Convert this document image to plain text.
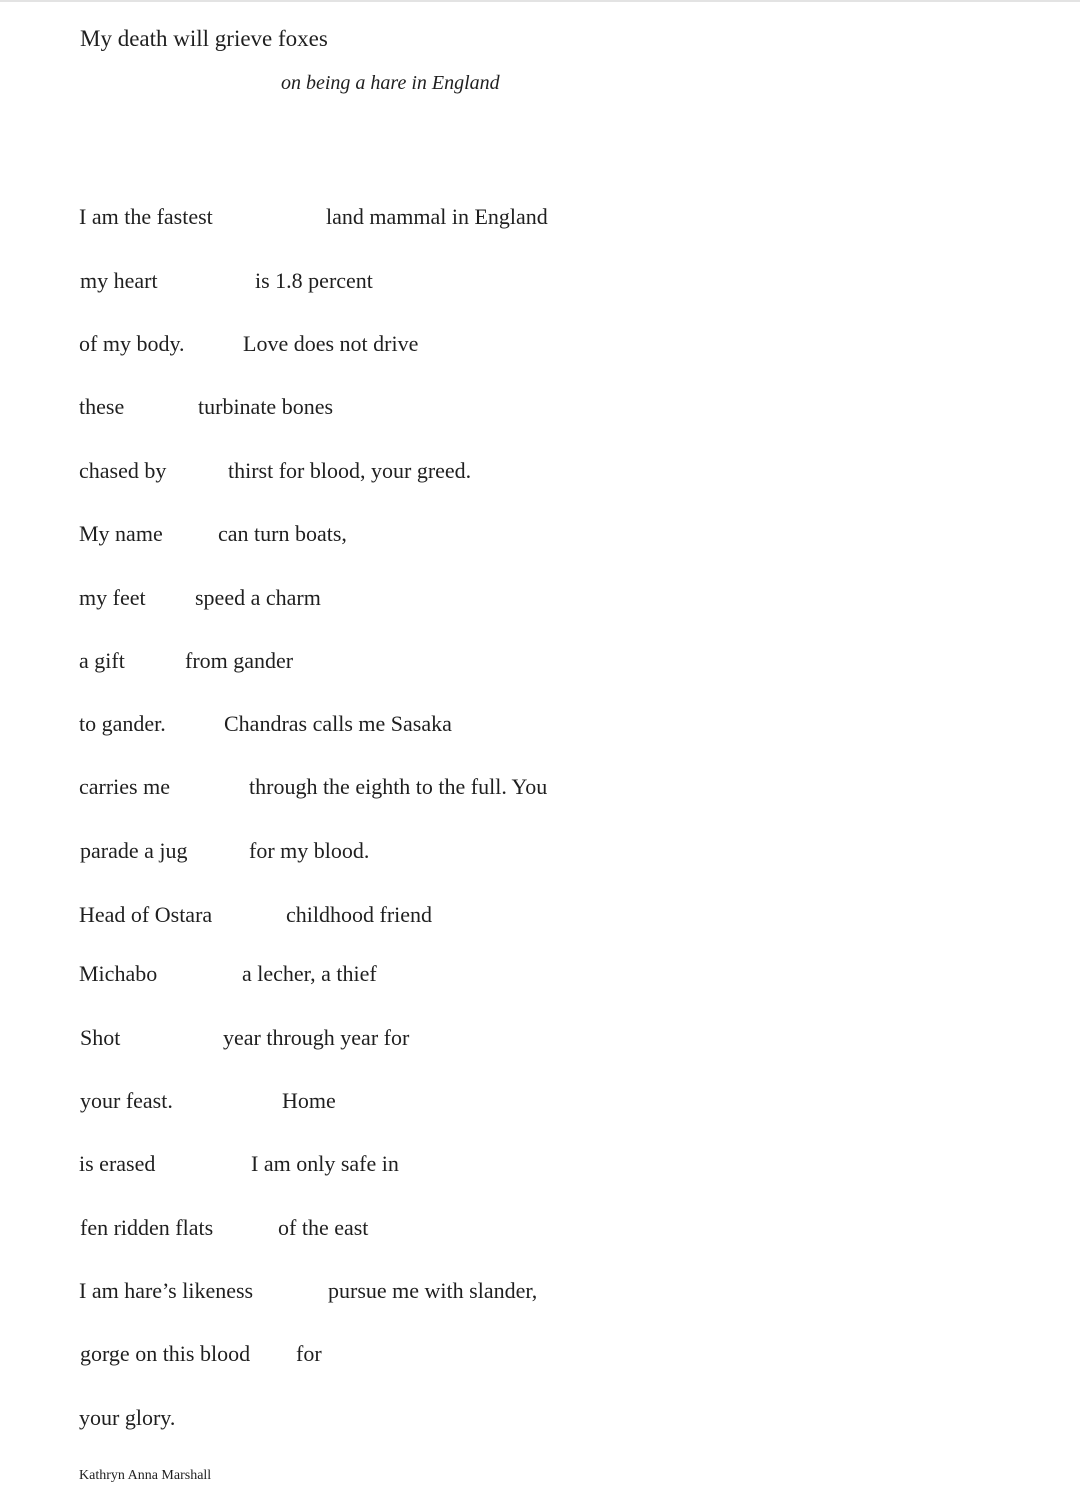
My death will grieve foxes
on being a hare in England
I am the fastest	land mammal in England
my heart	is 1.8 percent
of my body.	Love does not drive
these	turbinate bones
chased by	thirst for blood, your greed.
My name	can turn boats,
my feet speed a charm
a gift	from gander
to gander.	Chandras calls me Sasaka
carries me	through the eighth to the full. You
parade a jug	for my blood.
Head of Ostara	childhood friend
Michabo	a lecher, a thief
Shot	year through year for
your feast.	Home
is erased	I am only safe in
fen ridden flats	of the east
I am hare’s likeness	pursue me with slander,
gorge on this blood for
your glory.
Kathryn Anna Marshall
